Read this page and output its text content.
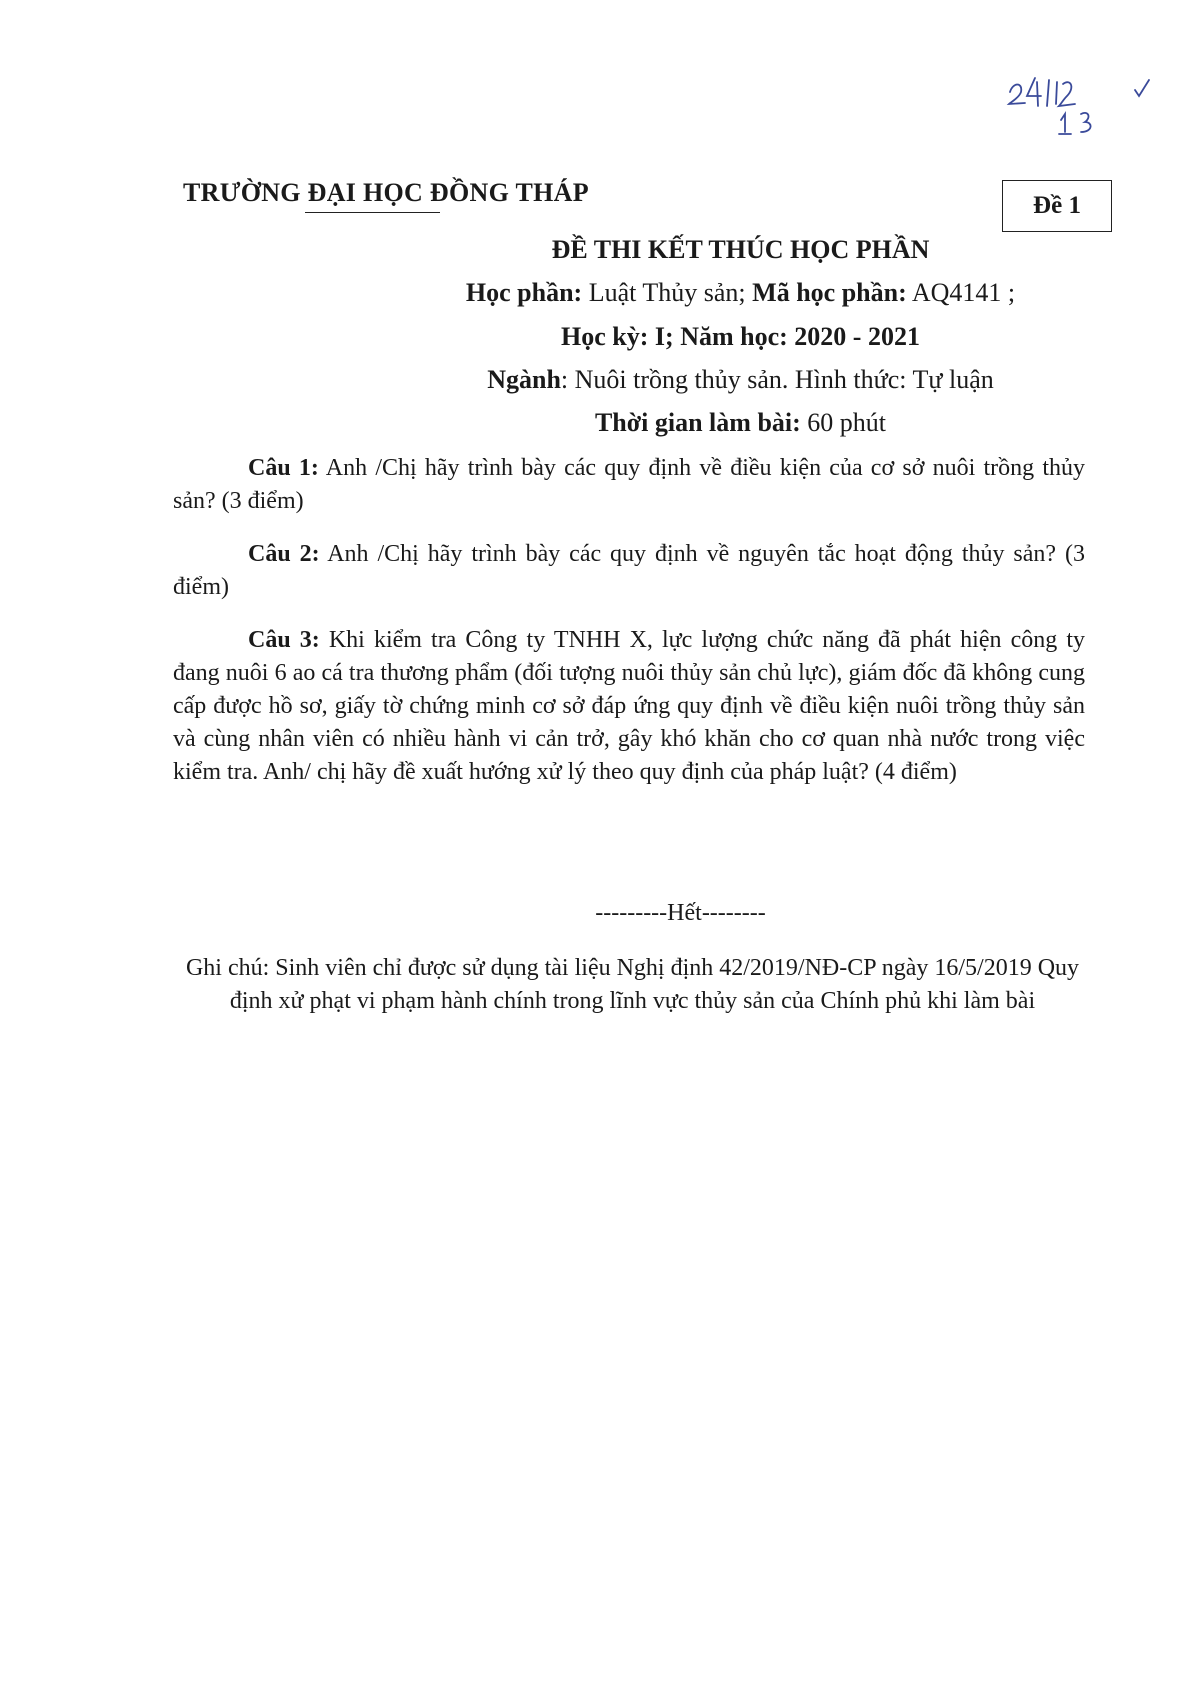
TRƯỜNG ĐẠI HỌC ĐỒNG THÁP	Đề 1
ĐỀ THI KẾT THÚC HỌC PHẦN
Học phần: Luật Thủy sản; Mã học phần: AQ4141 ;
Học kỳ: I; Năm học: 2020 - 2021
Ngành: Nuôi trồng thủy sản. Hình thức: Tự luận
Thời gian làm bài: 60 phút
Câu 1: Anh /Chị hãy trình bày các quy định về điều kiện của cơ sở nuôi trồng thủy sản? (3 điểm)
Câu 2: Anh /Chị hãy trình bày các quy định về nguyên tắc hoạt động thủy sản? (3 điểm)
Câu 3: Khi kiểm tra Công ty TNHH X, lực lượng chức năng đã phát hiện công ty đang nuôi 6 ao cá tra thương phẩm (đối tượng nuôi thủy sản chủ lực), giám đốc đã không cung cấp được hồ sơ, giấy tờ chứng minh cơ sở đáp ứng quy định về điều kiện nuôi trồng thủy sản và cùng nhân viên có nhiều hành vi cản trở, gây khó khăn cho cơ quan nhà nước trong việc kiểm tra. Anh/ chị hãy đề xuất hướng xử lý theo quy định của pháp luật? (4 điểm)
---------Hết--------
Ghi chú: Sinh viên chỉ được sử dụng tài liệu Nghị định 42/2019/NĐ-CP ngày 16/5/2019 Quy định xử phạt vi phạm hành chính trong lĩnh vực thủy sản của Chính phủ khi làm bài
